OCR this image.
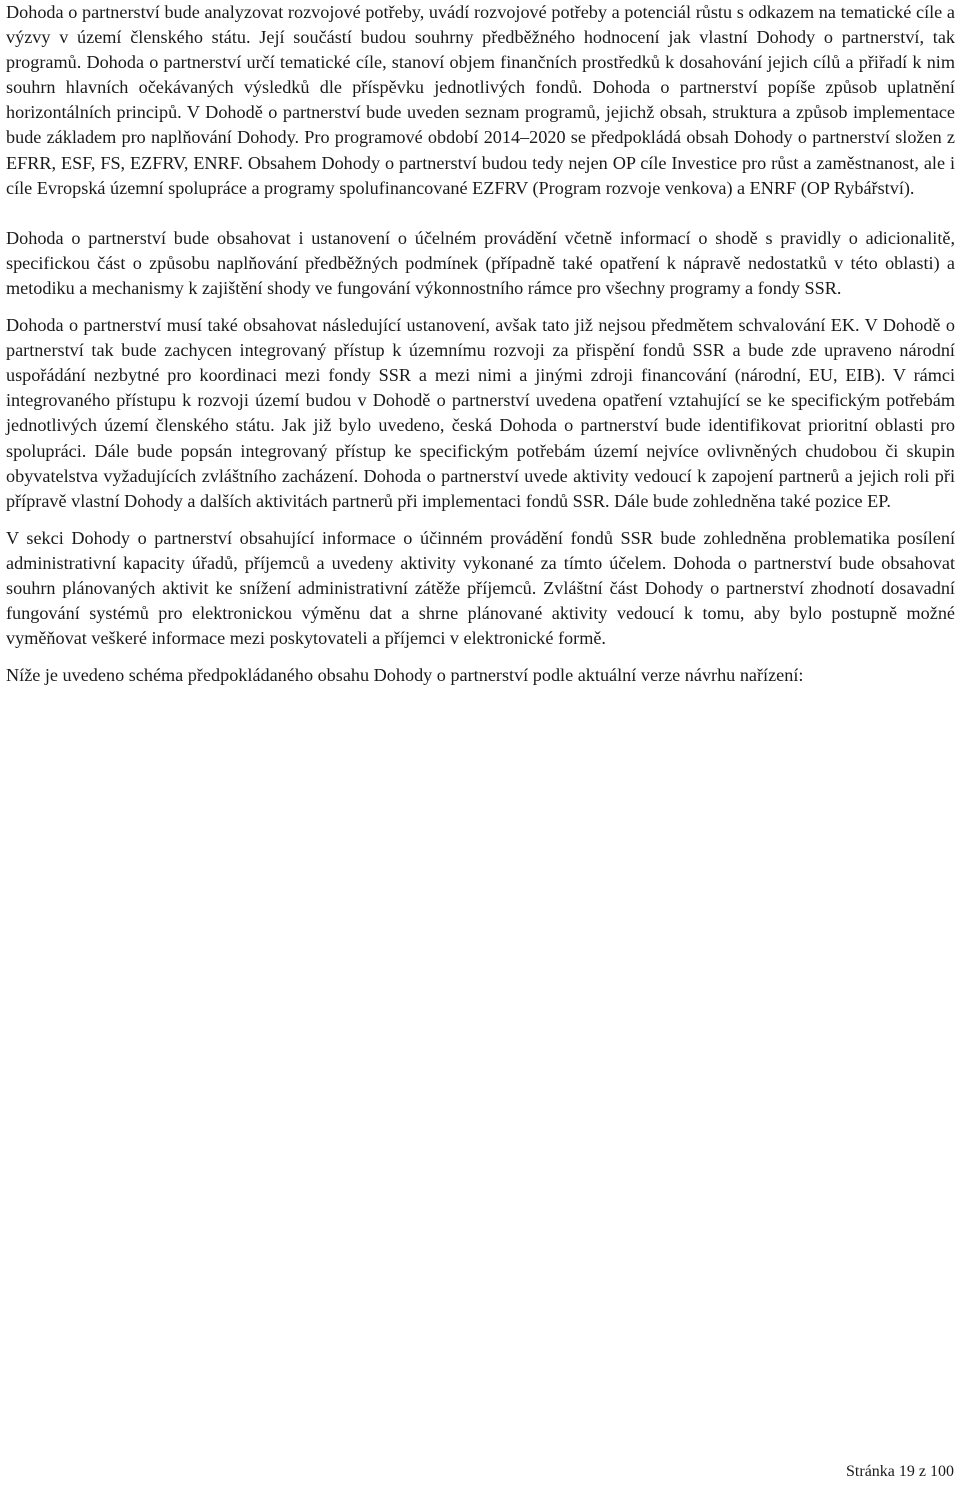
Dohoda o partnerství bude analyzovat rozvojové potřeby, uvádí rozvojové potřeby a potenciál růstu s odkazem na tematické cíle a výzvy v území členského státu. Její součástí budou souhrny předběžného hodnocení jak vlastní Dohody o partnerství, tak programů. Dohoda o partnerství určí tematické cíle, stanoví objem finančních prostředků k dosahování jejich cílů a přiřadí k nim souhrn hlavních očekávaných výsledků dle příspěvku jednotlivých fondů. Dohoda o partnerství popíše způsob uplatnění horizontálních principů. V Dohodě o partnerství bude uveden seznam programů, jejichž obsah, struktura a způsob implementace bude základem pro naplňování Dohody. Pro programové období 2014–2020 se předpokládá obsah Dohody o partnerství složen z EFRR, ESF, FS, EZFRV, ENRF. Obsahem Dohody o partnerství budou tedy nejen OP cíle Investice pro růst a zaměstnanost, ale i cíle Evropská územní spolupráce a programy spolufinancované EZFRV (Program rozvoje venkova) a ENRF (OP Rybářství).

Dohoda o partnerství bude obsahovat i ustanovení o účelném provádění včetně informací o shodě s pravidly o adicionalitě, specifickou část o způsobu naplňování předběžných podmínek (případně také opatření k nápravě nedostatků v této oblasti) a metodiku a mechanismy k zajištění shody ve fungování výkonnostního rámce pro všechny programy a fondy SSR.

Dohoda o partnerství musí také obsahovat následující ustanovení, avšak tato již nejsou předmětem schvalování EK. V Dohodě o partnerství tak bude zachycen integrovaný přístup k územnímu rozvoji za přispění fondů SSR a bude zde upraveno národní uspořádání nezbytné pro koordinaci mezi fondy SSR a mezi nimi a jinými zdroji financování (národní, EU, EIB). V rámci integrovaného přístupu k rozvoji území budou v Dohodě o partnerství uvedena opatření vztahující se ke specifickým potřebám jednotlivých území členského státu. Jak již bylo uvedeno, česká Dohoda o partnerství bude identifikovat prioritní oblasti pro spolupráci. Dále bude popsán integrovaný přístup ke specifickým potřebám území nejvíce ovlivněných chudobou či skupin obyvatelstva vyžadujících zvláštního zacházení. Dohoda o partnerství uvede aktivity vedoucí k zapojení partnerů a jejich roli při přípravě vlastní Dohody a dalších aktivitách partnerů při implementaci fondů SSR. Dále bude zohledněna také pozice EP.

V sekci Dohody o partnerství obsahující informace o účinném provádění fondů SSR bude zohledněna problematika posílení administrativní kapacity úřadů, příjemců a uvedeny aktivity vykonané za tímto účelem. Dohoda o partnerství bude obsahovat souhrn plánovaných aktivit ke snížení administrativní zátěže příjemců. Zvláštní část Dohody o partnerství zhodnotí dosavadní fungování systémů pro elektronickou výměnu dat a shrne plánované aktivity vedoucí k tomu, aby bylo postupně možné vyměňovat veškeré informace mezi poskytovateli a příjemci v elektronické formě.

Níže je uvedeno schéma předpokládaného obsahu Dohody o partnerství podle aktuální verze návrhu nařízení:

Stránka 19 z 100
